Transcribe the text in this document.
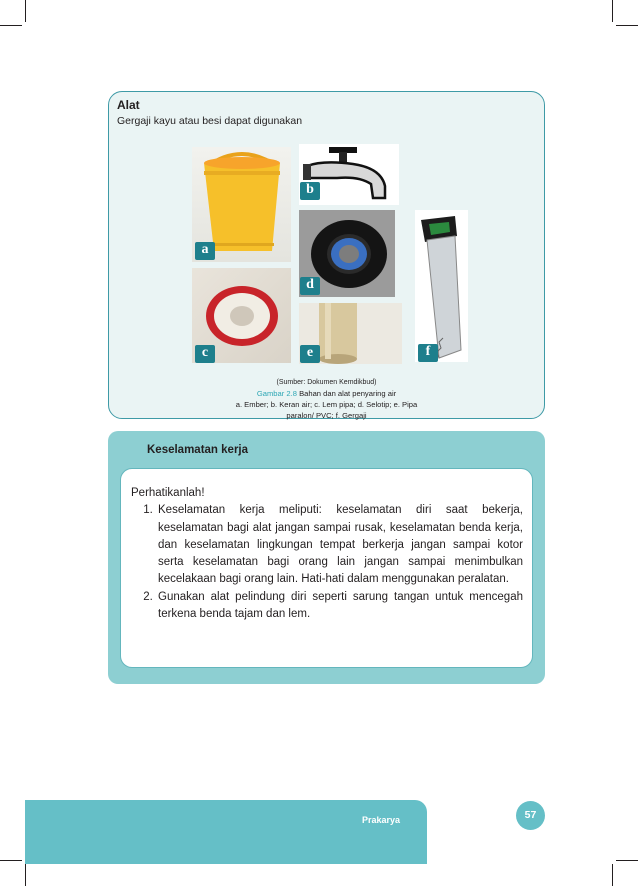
Alat
Gergaji kayu atau besi dapat digunakan
a
b
c
d
e	f
(Sumber: Dokumen Kemdikbud)
Gambar 2.8 Bahan dan alat penyaring air
a. Ember; b. Keran air; c. Lem pipa; d. Selotip; e. Pipa
paralon/ PVC; f. Gergaji
Keselamatan kerja
Perhatikanlah!
1. Keselamatan kerja meliputi: keselamatan diri saat bekerja, keselamatan bagi alat jangan sampai rusak, keselamatan benda kerja, dan keselamatan lingkungan tempat berkerja jangan sampai kotor serta keselamatan bagi orang lain jangan sampai menimbulkan kecelakaan bagi orang lain. Hati-hati dalam menggunakan peralatan.
2. Gunakan alat pelindung diri seperti sarung tangan untuk mencegah terkena benda tajam dan lem.
Prakarya	57
